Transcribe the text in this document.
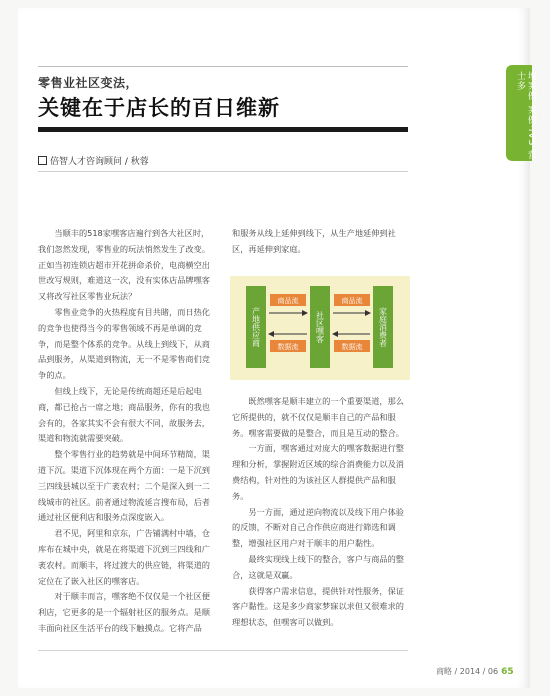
零售业社区变法，
关键在于店长的百日维新	增案例 案例·IVS 营士多
倍智人才咨询顾问 / 秋蓉

当顺丰的518家嘿客店遍行到各大社区时，我们忽然发现，零售业的玩法悄然发生了改变。正如当初连锁店超市开花拼命杀价，电商横空出世改写规则，难道这一次，没有实体店品牌嘿客又将改写社区零售业玩法？

零售业竞争的火热程度有目共睹，而日热化的竞争也使得当今的零售领域不再是单调的竞争，而是整个体系的竞争。从线上到线下，从商品到服务，从渠道到物流，无一不是零售商们竞争的点。

但线上线下，无论是传统商超还是后起电商，都已抢占一席之地；商品服务，你有的我也会有的，各家其实不会有很大不同，故服务去，渠道和物流就需要突破。

整个零售行业的趋势就是中间环节精简，渠道下沉。渠道下沉体现在两个方面：一是下沉到三四线县城以至于广袤农村；二个是深入到一二线城市的社区。前者通过物流延言搜布局，后者通过社区便利店和服务点深度嵌入。

君不见，阿里和京东，广告铺满村中墙，仓库布在城中央，就是在将渠道下沉到三四线和广袤农村。而顺丰，将过渡大的供应链，将渠道的定位在了嵌入社区的嘿客店。

对于顺丰而言，嘿客绝不仅仅是一个社区便利店，它更多的是一个辐射社区的服务点。是顺丰面向社区生活平台的线下触摸点。它将产品

和服务从线上延伸到线下，从生产地延伸到社区，再延伸到家庭。

产地供应商	社区嘿客	家庭消费者
商品流
数据流
商品流
数据流

既然嘿客是顺丰建立的一个重要渠道，那么它所提供的，就不仅仅是顺丰自己的产品和服务。嘿客需要做的是整合，而且是互动的整合。

一方面，嘿客通过对庞大的嘿客数据进行整理和分析，掌握附近区域的综合消费能力以及消费结构，针对性的为该社区人群提供产品和服务。

另一方面，通过逆向物流以及线下用户体验的反馈，不断对自己合作供应商进行筛选和调整，增强社区用户对于顺丰的用户黏性。

最终实现线上线下的整合，客户与商品的整合，这就是双赢。

获得客户需求信息，提供针对性服务，保证客户黏性。这是多少商家梦寐以求但又很难求的理想状态，但嘿客可以做到。

商略 / 2014 / 06 65
